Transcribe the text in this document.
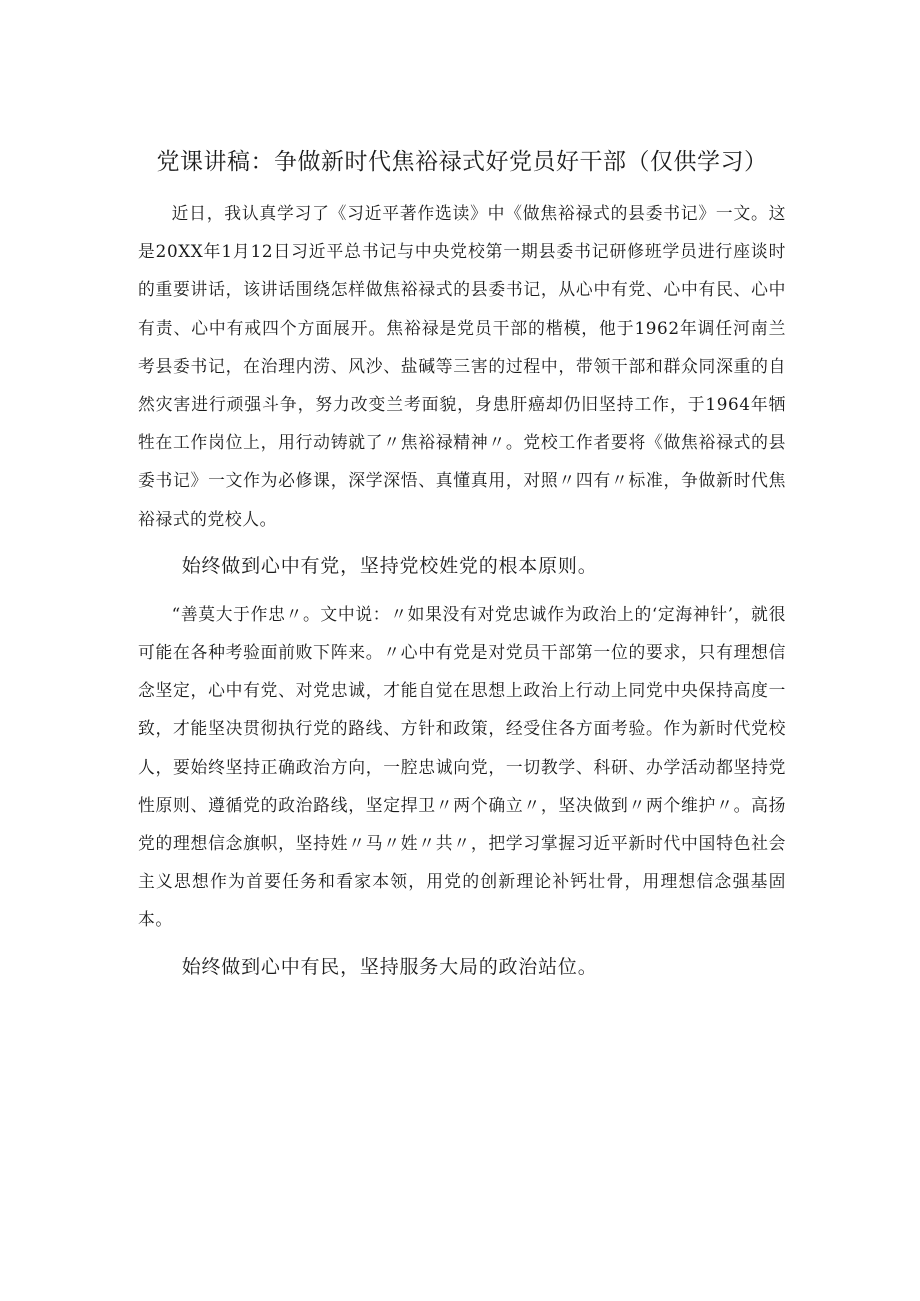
党课讲稿：争做新时代焦裕禄式好党员好干部（仅供学习）

近日，我认真学习了《习近平著作选读》中《做焦裕禄式的县委书记》一文。这是20XX年1月12日习近平总书记与中央党校第一期县委书记研修班学员进行座谈时的重要讲话，该讲话围绕怎样做焦裕禄式的县委书记，从心中有党、心中有民、心中有责、心中有戒四个方面展开。焦裕禄是党员干部的楷模，他于1962年调任河南兰考县委书记，在治理内涝、风沙、盐碱等三害的过程中，带领干部和群众同深重的自然灾害进行顽强斗争，努力改变兰考面貌，身患肝癌却仍旧坚持工作，于1964年牺牲在工作岗位上，用行动铸就了〃焦裕禄精神〃。党校工作者要将《做焦裕禄式的县委书记》一文作为必修课，深学深悟、真懂真用，对照〃四有〃标准，争做新时代焦裕禄式的党校人。

始终做到心中有党，坚持党校姓党的根本原则。

“善莫大于作忠〃。文中说：〃如果没有对党忠诚作为政治上的‘定海神针’，就很可能在各种考验面前败下阵来。〃心中有党是对党员干部第一位的要求，只有理想信念坚定，心中有党、对党忠诚，才能自觉在思想上政治上行动上同党中央保持高度一致，才能坚决贯彻执行党的路线、方针和政策，经受住各方面考验。作为新时代党校人，要始终坚持正确政治方向，一腔忠诚向党，一切教学、科研、办学活动都坚持党性原则、遵循党的政治路线，坚定捍卫〃两个确立〃，坚决做到〃两个维护〃。高扬党的理想信念旗帜，坚持姓〃马〃姓〃共〃，把学习掌握习近平新时代中国特色社会主义思想作为首要任务和看家本领，用党的创新理论补钙壮骨，用理想信念强基固本。

始终做到心中有民，坚持服务大局的政治站位。
